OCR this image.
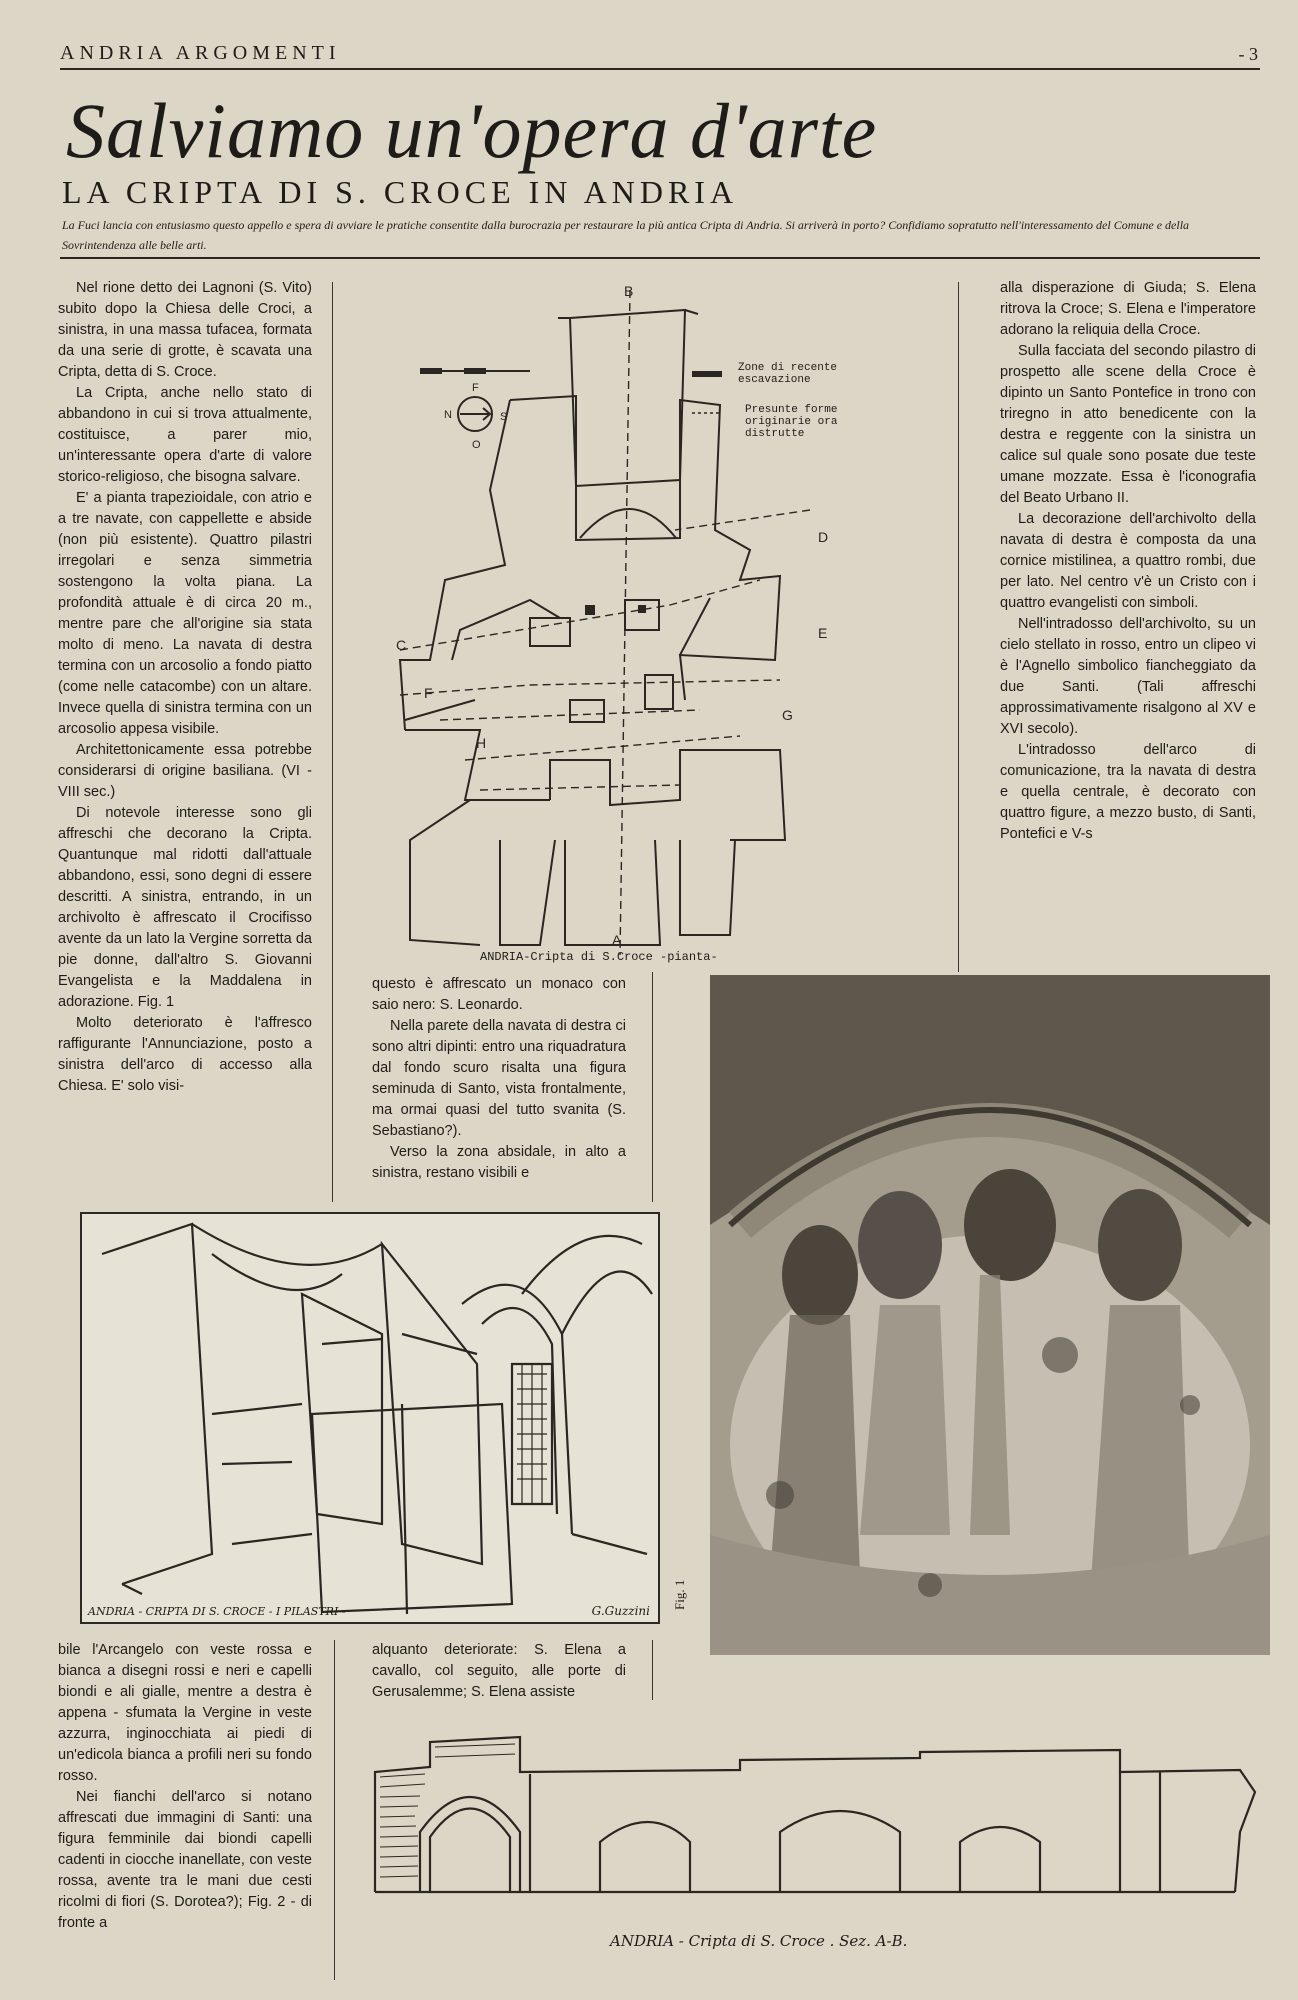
ANDRIA ARGOMENTI	- 3
Salviamo un'opera d'arte
LA CRIPTA DI S. CROCE IN ANDRIA
La Fuci lancia con entusiasmo questo appello e spera di avviare le pratiche consentite dalla burocrazia per restaurare la più antica Cripta di Andria. Si arriverà in porto? Confidiamo sopratutto nell'interessamento del Comune e della Sovrintendenza alle belle arti.

Nel rione detto dei Lagnoni (S. Vito) subito dopo la Chiesa delle Croci, a sinistra, in una massa tufacea, formata da una serie di grotte, è scavata una Cripta, detta di S. Croce.

La Cripta, anche nello stato di abbandono in cui si trova attualmente, costituisce, a parer mio, un'interessante opera d'arte di valore storico-religioso, che bisogna salvare.

E' a pianta trapezioidale, con atrio e a tre navate, con cappellette e abside (non più esistente). Quattro pilastri irregolari e senza simmetria sostengono la volta piana. La profondità attuale è di circa 20 m., mentre pare che all'origine sia stata molto di meno. La navata di destra termina con un arcosolio a fondo piatto (come nelle catacombe) con un altare. Invece quella di sinistra termina con un arcosolio appesa visibile.

Architettonicamente essa potrebbe considerarsi di origine basiliana. (VI - VIII sec.)

Di notevole interesse sono gli affreschi che decorano la Cripta. Quantunque mal ridotti dall'attuale abbandono, essi, sono degni di essere descritti. A sinistra, entrando, in un archivolto è affrescato il Crocifisso avente da un lato la Vergine sorretta da pie donne, dall'altro S. Giovanni Evangelista e la Maddalena in adorazione. Fig. 1

Molto deteriorato è l'affresco raffigurante l'Annunciazione, posto a sinistra dell'arco di accesso alla Chiesa. E' solo visi-

F
N	S
O
B
A
C
D
E
F
G
H
Zone di recente escavazione
Presunte forme originarie ora distrutte
ANDRIA-Cripta di S.Croce -pianta-

questo è affrescato un monaco con saio nero: S. Leonardo.

Nella parete della navata di destra ci sono altri dipinti: entro una riquadratura dal fondo scuro risalta una figura seminuda di Santo, vista frontalmente, ma ormai quasi del tutto svanita (S. Sebastiano?).

Verso la zona absidale, in alto a sinistra, restano visibili e

alla disperazione di Giuda; S. Elena ritrova la Croce; S. Elena e l'imperatore adorano la reliquia della Croce.

Sulla facciata del secondo pilastro di prospetto alle scene della Croce è dipinto un Santo Pontefice in trono con triregno in atto benedicente con la destra e reggente con la sinistra un calice sul quale sono posate due teste umane mozzate. Essa è l'iconografia del Beato Urbano II.

La decorazione dell'archivolto della navata di destra è composta da una cornice mistilinea, a quattro rombi, due per lato. Nel centro v'è un Cristo con i quattro evangelisti con simboli.

Nell'intradosso dell'archivolto, su un cielo stellato in rosso, entro un clipeo vi è l'Agnello simbolico fiancheggiato da due Santi. (Tali affreschi approssimativamente risalgono al XV e XVI secolo).

L'intradosso dell'arco di comunicazione, tra la navata di destra e quella centrale, è decorato con quattro figure, a mezzo busto, di Santi, Pontefici e V-s

Fig. 1
ANDRIA - CRIPTA DI S. CROCE - I PILASTRI -	G.Guzzini

bile l'Arcangelo con veste rossa e bianca a disegni rossi e neri e capelli biondi e ali gialle, mentre a destra è appena - sfumata la Vergine in veste azzurra, inginocchiata ai piedi di un'edicola bianca a profili neri su fondo rosso.

Nei fianchi dell'arco si notano affrescati due immagini di Santi: una figura femminile dai biondi capelli cadenti in ciocche inanellate, con veste rossa, avente tra le mani due cesti ricolmi di fiori (S. Dorotea?); Fig. 2 - di fronte a

alquanto deteriorate: S. Elena a cavallo, col seguito, alle porte di Gerusalemme; S. Elena assiste

ANDRIA - Cripta di S. Croce . Sez. A-B.
